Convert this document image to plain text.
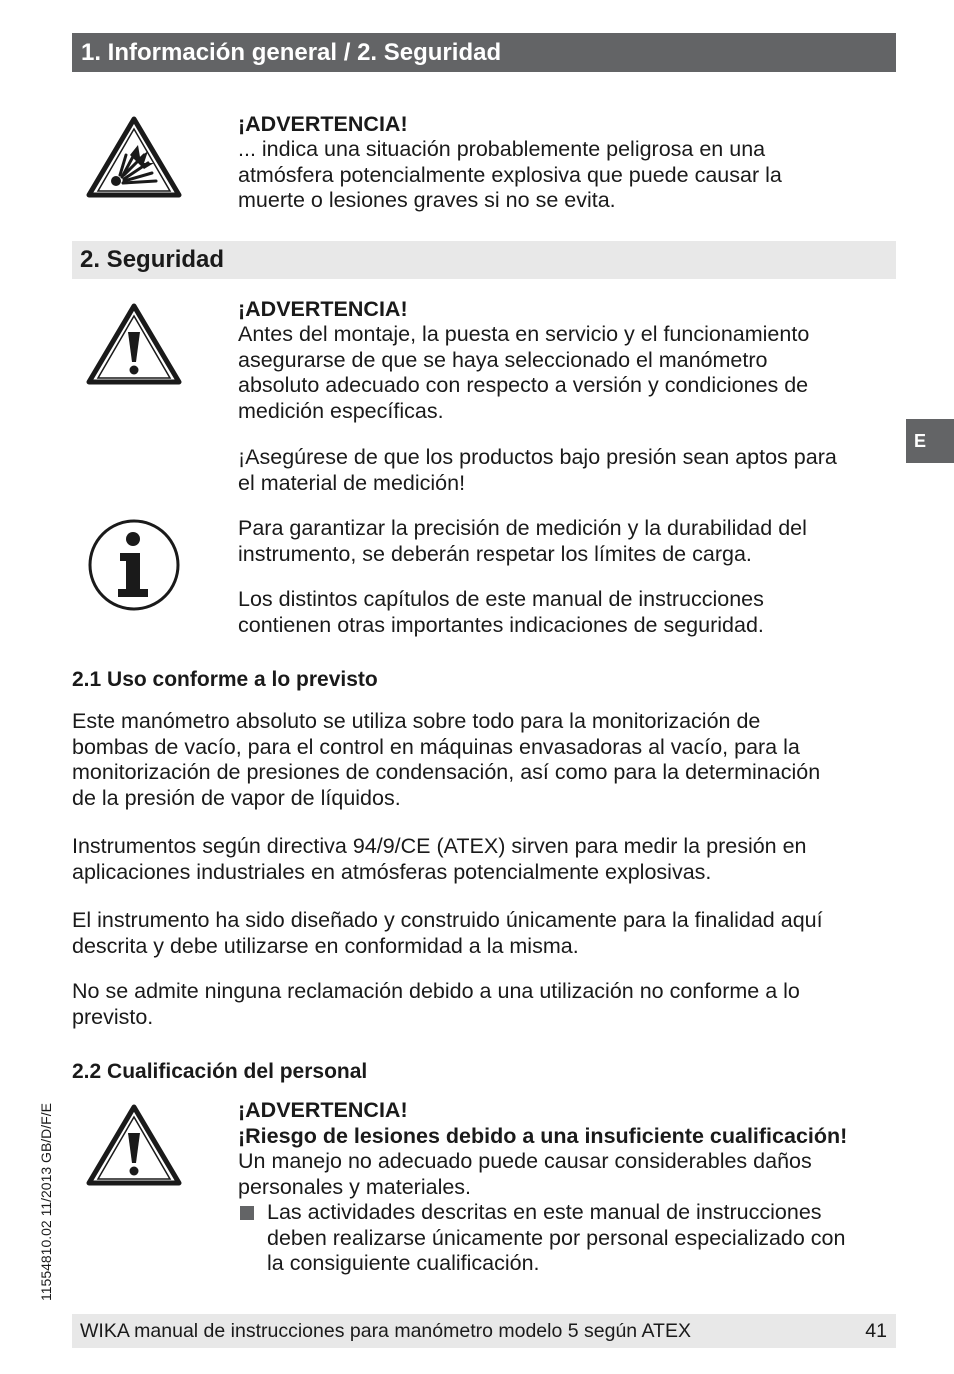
1. Información general / 2. Seguridad
¡ADVERTENCIA!
... indica una situación probablemente peligrosa en una
atmósfera potencialmente explosiva que puede causar la
muerte o lesiones graves si no se evita.
2. Seguridad
¡ADVERTENCIA!
Antes del montaje, la puesta en servicio y el funcionamiento
asegurarse de que se haya seleccionado el manómetro
absoluto adecuado con respecto a versión y condiciones de
medición específicas.
¡Asegúrese de que los productos bajo presión sean aptos para
el material de medición!
Para garantizar la precisión de medición y la durabilidad del
instrumento, se deberán respetar los límites de carga.
Los distintos capítulos de este manual de instrucciones
contienen otras importantes indicaciones de seguridad.
2.1 Uso conforme a lo previsto
Este manómetro absoluto se utiliza sobre todo para la monitorización de
bombas de vacío, para el control en máquinas envasadoras al vacío, para la
monitorización de presiones de condensación, así como para la determinación
de la presión de vapor de líquidos.
Instrumentos según directiva 94/9/CE (ATEX) sirven para medir la presión en
aplicaciones industriales en atmósferas potencialmente explosivas.
El instrumento ha sido diseñado y construido únicamente para la finalidad aquí
descrita y debe utilizarse en conformidad a la misma.
No se admite ninguna reclamación debido a una utilización no conforme a lo
previsto.
2.2 Cualificación del personal
¡ADVERTENCIA!
¡Riesgo de lesiones debido a una insuficiente cualificación!
Un manejo no adecuado puede causar considerables daños
personales y materiales.
Las actividades descritas en este manual de instrucciones
deben realizarse únicamente por personal especializado con
la consiguiente cualificación.
E
11554810.02 11/2013 GB/D/F/E
WIKA manual de instrucciones para manómetro modelo 5 según ATEX	41
